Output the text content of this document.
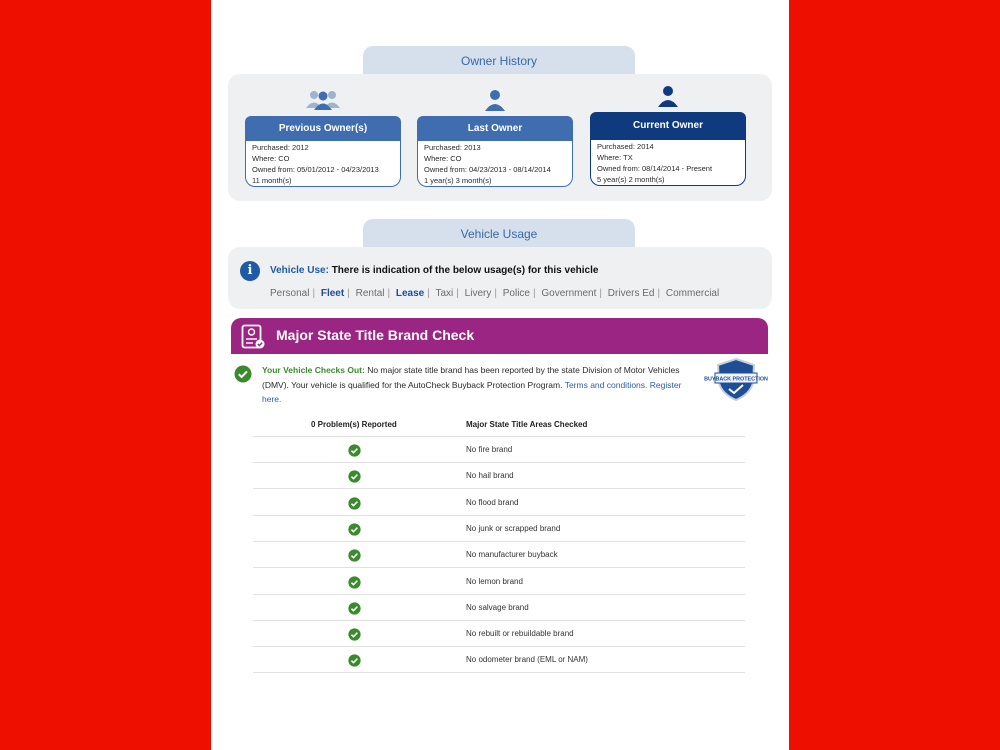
Owner History
Previous Owner(s)
Purchased: 2012
Where: CO
Owned from: 05/01/2012 - 04/23/2013
11 month(s)
Last Owner
Purchased: 2013
Where: CO
Owned from: 04/23/2013 - 08/14/2014
1 year(s) 3 month(s)
Current Owner
Purchased: 2014
Where: TX
Owned from: 08/14/2014 - Present
5 year(s) 2 month(s)
Vehicle Usage
i	Vehicle Use: There is indication of the below usage(s) for this vehicle
Personal | Fleet | Rental | Lease | Taxi | Livery | Police | Government | Drivers Ed | Commercial
Major State Title Brand Check
Your Vehicle Checks Out: No major state title brand has been reported by the state Division of Motor Vehicles (DMV). Your vehicle is qualified for the AutoCheck Buyback Protection Program. Terms and conditions. Register here.
BUYBACK PROTECTION
0 Problem(s) Reported	Major State Title Areas Checked
No fire brand
No hail brand
No flood brand
No junk or scrapped brand
No manufacturer buyback
No lemon brand
No salvage brand
No rebuilt or rebuildable brand
No odometer brand (EML or NAM)
